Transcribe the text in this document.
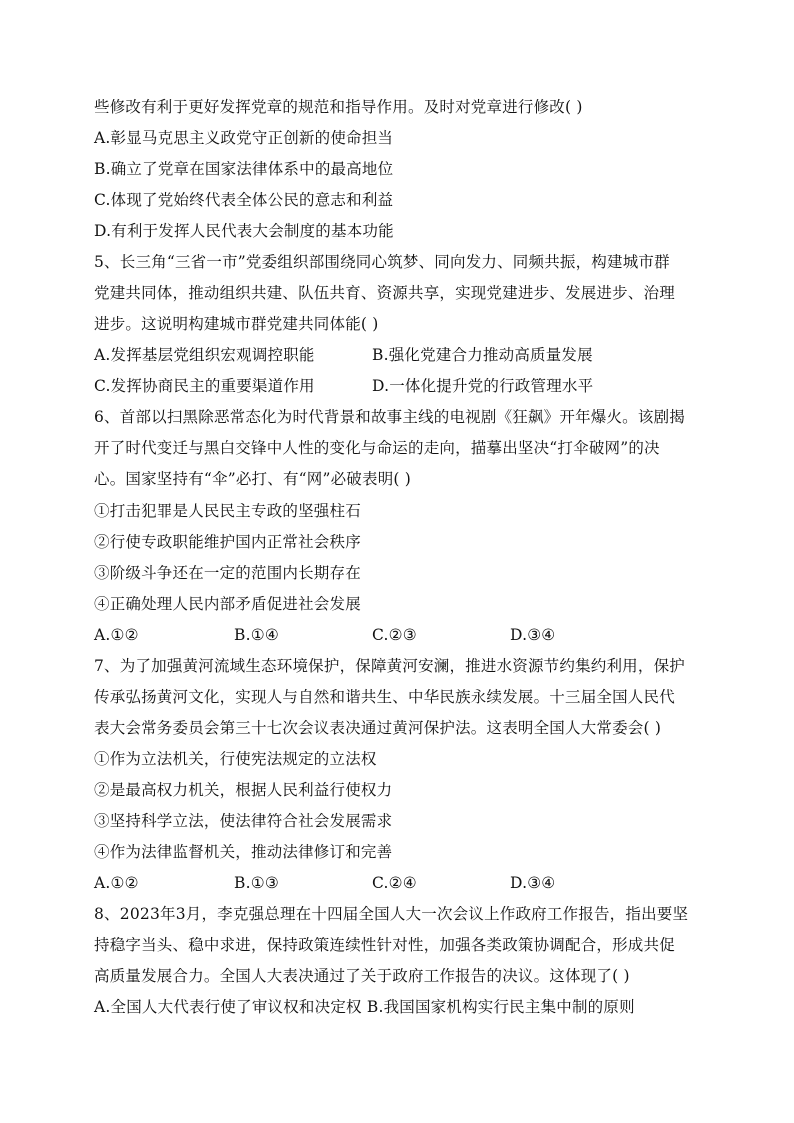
些修改有利于更好发挥党章的规范和指导作用。及时对党章进行修改( )
A.彰显马克思主义政党守正创新的使命担当
B.确立了党章在国家法律体系中的最高地位
C.体现了党始终代表全体公民的意志和利益
D.有利于发挥人民代表大会制度的基本功能
5、长三角“三省一市”党委组织部围绕同心筑梦、同向发力、同频共振，构建城市群
党建共同体，推动组织共建、队伍共育、资源共享，实现党建进步、发展进步、治理
进步。这说明构建城市群党建共同体能( )
A.发挥基层党组织宏观调控职能	B.强化党建合力推动高质量发展
C.发挥协商民主的重要渠道作用	D.一体化提升党的行政管理水平
6、首部以扫黑除恶常态化为时代背景和故事主线的电视剧《狂飙》开年爆火。该剧揭
开了时代变迁与黑白交锋中人性的变化与命运的走向，描摹出坚决“打伞破网”的决
心。国家坚持有“伞”必打、有“网”必破表明( )
①打击犯罪是人民民主专政的坚强柱石
②行使专政职能维护国内正常社会秩序
③阶级斗争还在一定的范围内长期存在
④正确处理人民内部矛盾促进社会发展
A.①②	B.①④	C.②③	D.③④
7、为了加强黄河流域生态环境保护，保障黄河安澜，推进水资源节约集约利用，保护
传承弘扬黄河文化，实现人与自然和谐共生、中华民族永续发展。十三届全国人民代
表大会常务委员会第三十七次会议表决通过黄河保护法。这表明全国人大常委会( )
①作为立法机关，行使宪法规定的立法权
②是最高权力机关，根据人民利益行使权力
③坚持科学立法，使法律符合社会发展需求
④作为法律监督机关，推动法律修订和完善
A.①②	B.①③	C.②④	D.③④
8、2023年3月，李克强总理在十四届全国人大一次会议上作政府工作报告，指出要坚
持稳字当头、稳中求进，保持政策连续性针对性，加强各类政策协调配合，形成共促
高质量发展合力。全国人大表决通过了关于政府工作报告的决议。这体现了( )
A.全国人大代表行使了审议权和决定权 B.我国国家机构实行民主集中制的原则
